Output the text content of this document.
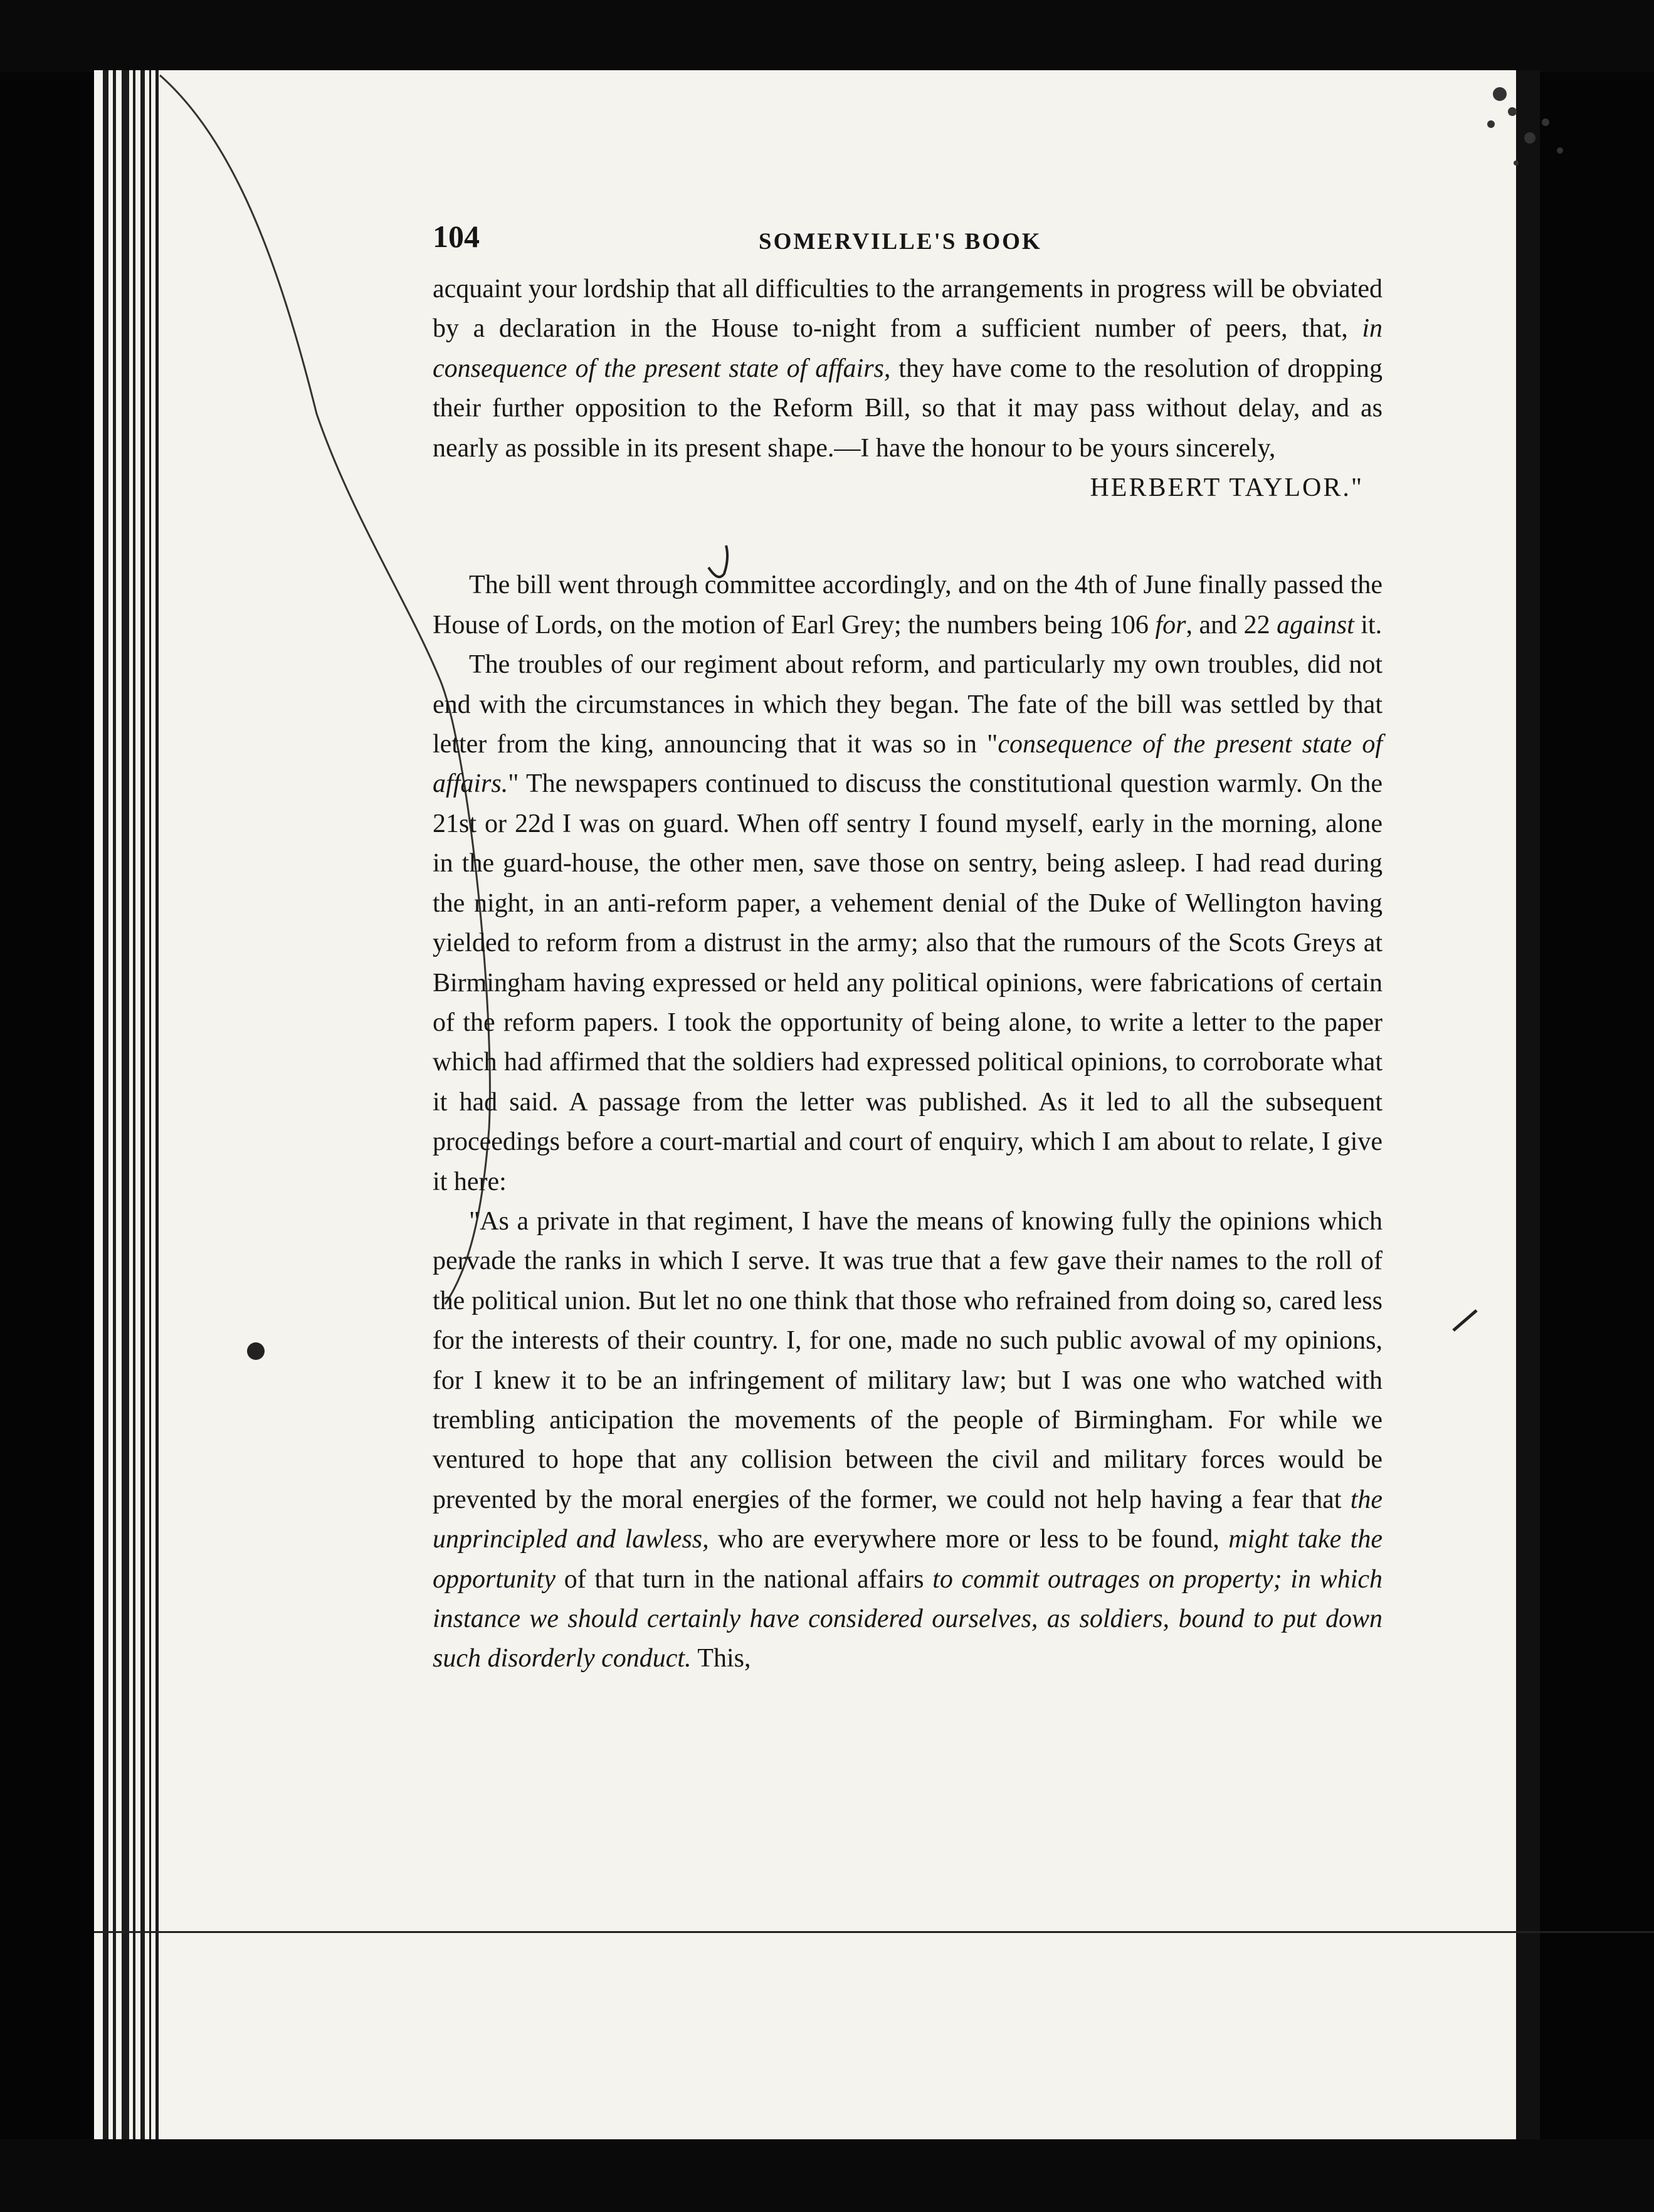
104	SOMERVILLE'S BOOK

acquaint your lordship that all difficulties to the arrangements in progress will be obviated by a declaration in the House to-night from a sufficient number of peers, that, in consequence of the present state of affairs, they have come to the resolution of dropping their further opposition to the Reform Bill, so that it may pass without delay, and as nearly as possible in its present shape.—I have the honour to be yours sincerely,

HERBERT TAYLOR."

The bill went through committee accordingly, and on the 4th of June finally passed the House of Lords, on the motion of Earl Grey; the numbers being 106 for, and 22 against it.

The troubles of our regiment about reform, and particularly my own troubles, did not end with the circumstances in which they began. The fate of the bill was settled by that letter from the king, announcing that it was so in "consequence of the present state of affairs." The newspapers continued to discuss the constitutional question warmly. On the 21st or 22d I was on guard. When off sentry I found myself, early in the morning, alone in the guard-house, the other men, save those on sentry, being asleep. I had read during the night, in an anti-reform paper, a vehement denial of the Duke of Wellington having yielded to reform from a distrust in the army; also that the rumours of the Scots Greys at Birmingham having expressed or held any political opinions, were fabrications of certain of the reform papers. I took the opportunity of being alone, to write a letter to the paper which had affirmed that the soldiers had expressed political opinions, to corroborate what it had said. A passage from the letter was published. As it led to all the subsequent proceedings before a court-martial and court of enquiry, which I am about to relate, I give it here:

"As a private in that regiment, I have the means of knowing fully the opinions which pervade the ranks in which I serve. It was true that a few gave their names to the roll of the political union. But let no one think that those who refrained from doing so, cared less for the interests of their country. I, for one, made no such public avowal of my opinions, for I knew it to be an infringement of military law; but I was one who watched with trembling anticipation the movements of the people of Birmingham. For while we ventured to hope that any collision between the civil and military forces would be prevented by the moral energies of the former, we could not help having a fear that the unprincipled and lawless, who are everywhere more or less to be found, might take the opportunity of that turn in the national affairs to commit outrages on property; in which instance we should certainly have considered ourselves, as soldiers, bound to put down such disorderly conduct. This,
